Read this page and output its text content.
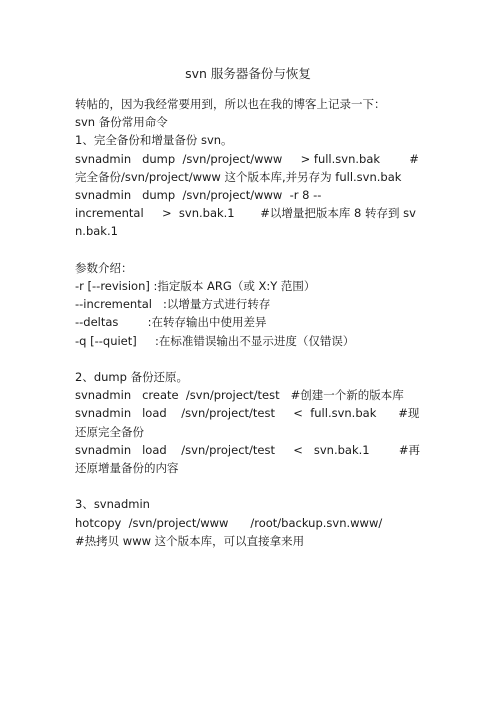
svn 服务器备份与恢复

转帖的，因为我经常要用到，所以也在我的博客上记录一下：

svn 备份常用命令

1、完全备份和增量备份 svn。

svnadmin   dump  /svn/project/www     > full.svn.bak        #完全备份/svn/project/www 这个版本库,并另存为 full.svn.bak

svnadmin   dump  /svn/project/www  -r 8 --

incremental     >  svn.bak.1       #以增量把版本库 8 转存到 svn.bak.1

参数介绍：

-r [--revision] :指定版本 ARG（或 X:Y 范围）

--incremental   :以增量方式进行转存

--deltas        :在转存输出中使用差异

-q [--quiet]     :在标准错误输出不显示进度（仅错误）

2、dump 备份还原。

svnadmin   create  /svn/project/test   #创建一个新的版本库

svnadmin   load    /svn/project/test     <  full.svn.bak      #现还原完全备份

svnadmin   load    /svn/project/test     <   svn.bak.1        #再还原增量备份的内容

3、svnadmin

hotcopy  /svn/project/www      /root/backup.svn.www/          #热拷贝 www 这个版本库，可以直接拿来用
